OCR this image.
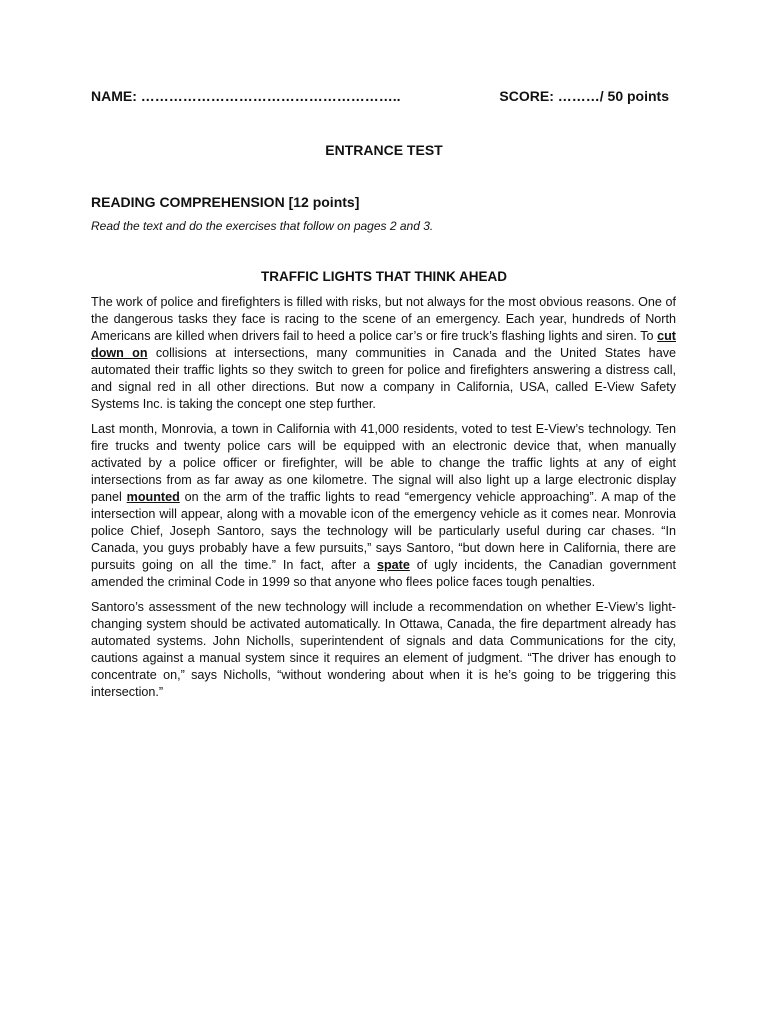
NAME: ………………………………………………..	SCORE: ………/ 50 points
ENTRANCE TEST
READING COMPREHENSION [12 points]
Read the text and do the exercises that follow on pages 2 and 3.
TRAFFIC LIGHTS THAT THINK AHEAD

The work of police and firefighters is filled with risks, but not always for the most obvious reasons. One of the dangerous tasks they face is racing to the scene of an emergency. Each year, hundreds of North Americans are killed when drivers fail to heed a police car’s or fire truck’s flashing lights and siren. To cut down on collisions at intersections, many communities in Canada and the United States have automated their traffic lights so they switch to green for police and firefighters answering a distress call, and signal red in all other directions. But now a company in California, USA, called E-View Safety Systems Inc. is taking the concept one step further.

Last month, Monrovia, a town in California with 41,000 residents, voted to test E-View’s technology. Ten fire trucks and twenty police cars will be equipped with an electronic device that, when manually activated by a police officer or firefighter, will be able to change the traffic lights at any of eight intersections from as far away as one kilometre. The signal will also light up a large electronic display panel mounted on the arm of the traffic lights to read “emergency vehicle approaching”. A map of the intersection will appear, along with a movable icon of the emergency vehicle as it comes near. Monrovia police Chief, Joseph Santoro, says the technology will be particularly useful during car chases. “In Canada, you guys probably have a few pursuits,” says Santoro, “but down here in California, there are pursuits going on all the time.” In fact, after a spate of ugly incidents, the Canadian government amended the criminal Code in 1999 so that anyone who flees police faces tough penalties.

Santoro’s assessment of the new technology will include a recommendation on whether E-View’s light-changing system should be activated automatically. In Ottawa, Canada, the fire department already has automated systems. John Nicholls, superintendent of signals and data Communications for the city, cautions against a manual system since it requires an element of judgment. “The driver has enough to concentrate on,” says Nicholls, “without wondering about when it is he’s going to be triggering this intersection.”
